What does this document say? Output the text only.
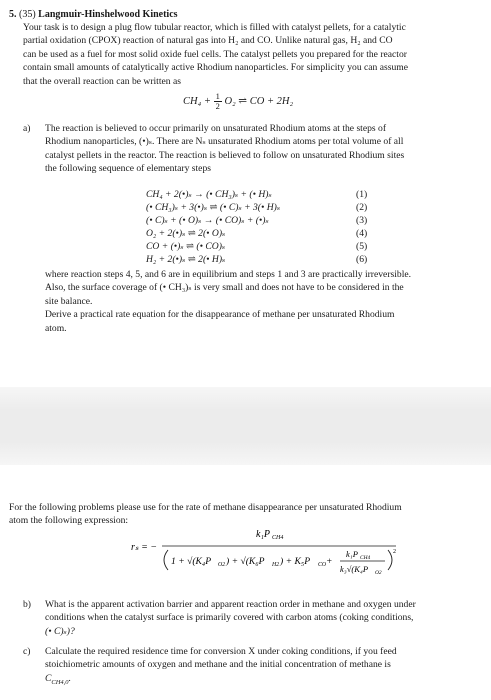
5. (35) Langmuir-Hinshelwood Kinetics
Your task is to design a plug flow tubular reactor, which is filled with catalyst pellets, for a catalytic
partial oxidation (CPOX) reaction of natural gas into H₂ and CO. Unlike natural gas, H₂ and CO
can be used as a fuel for most solid oxide fuel cells. The catalyst pellets you prepared for the reactor
contain small amounts of catalytically active Rhodium nanoparticles. For simplicity you can assume
that the overall reaction can be written as
$CH_4 + \frac{1}{2} O_2$ ⇌ CO + 2H₂
a) The reaction is believed to occur primarily on unsaturated Rhodium atoms at the steps of
Rhodium nanoparticles, (•)ₛ. There are Nₛ unsaturated Rhodium atoms per total volume of all
catalyst pellets in the reactor. The reaction is believed to follow on unsaturated Rhodium sites
the following sequence of elementary steps
CH₄ + 2(•)ₛ → (• CH₃)ₛ + (• H)ₛ	(1)
(• CH₃)ₛ + 3(•)ₛ ⇌ (• C)ₛ + 3(• H)ₛ	(2)
(• C)ₛ + (• O)ₛ → (• CO)ₛ + (•)ₛ	(3)
O₂ + 2(•)ₛ ⇌ 2(• O)ₛ	(4)
CO + (•)ₛ ⇌ (• CO)ₛ	(5)
H₂ + 2(•)ₛ ⇌ 2(• H)ₛ	(6)
where reaction steps 4, 5, and 6 are in equilibrium and steps 1 and 3 are practically irreversible.
Also, the surface coverage of (• CH₃)ₛ is very small and does not have to be considered in the
site balance.
Derive a practical rate equation for the disappearance of methane per unsaturated Rhodium
atom.
For the following problems please use for the rate of methane disappearance per unsaturated Rhodium
atom the following expression:
rₛ = −
k₁P CH4
2
1 + √(K₄P O2 ) + √(K₆P H2 ) + K₅P CO +
k₁P CH4
k₃√(K₄P O2
b) What is the apparent activation barrier and apparent reaction order in methane and oxygen under
conditions when the catalyst surface is primarily covered with carbon atoms (coking conditions,
(• C)ₛ)?
c) Calculate the required residence time for conversion X under coking conditions, if you feed
stoichiometric amounts of oxygen and methane and the initial concentration of methane is
$C_{CH4,0}$.
